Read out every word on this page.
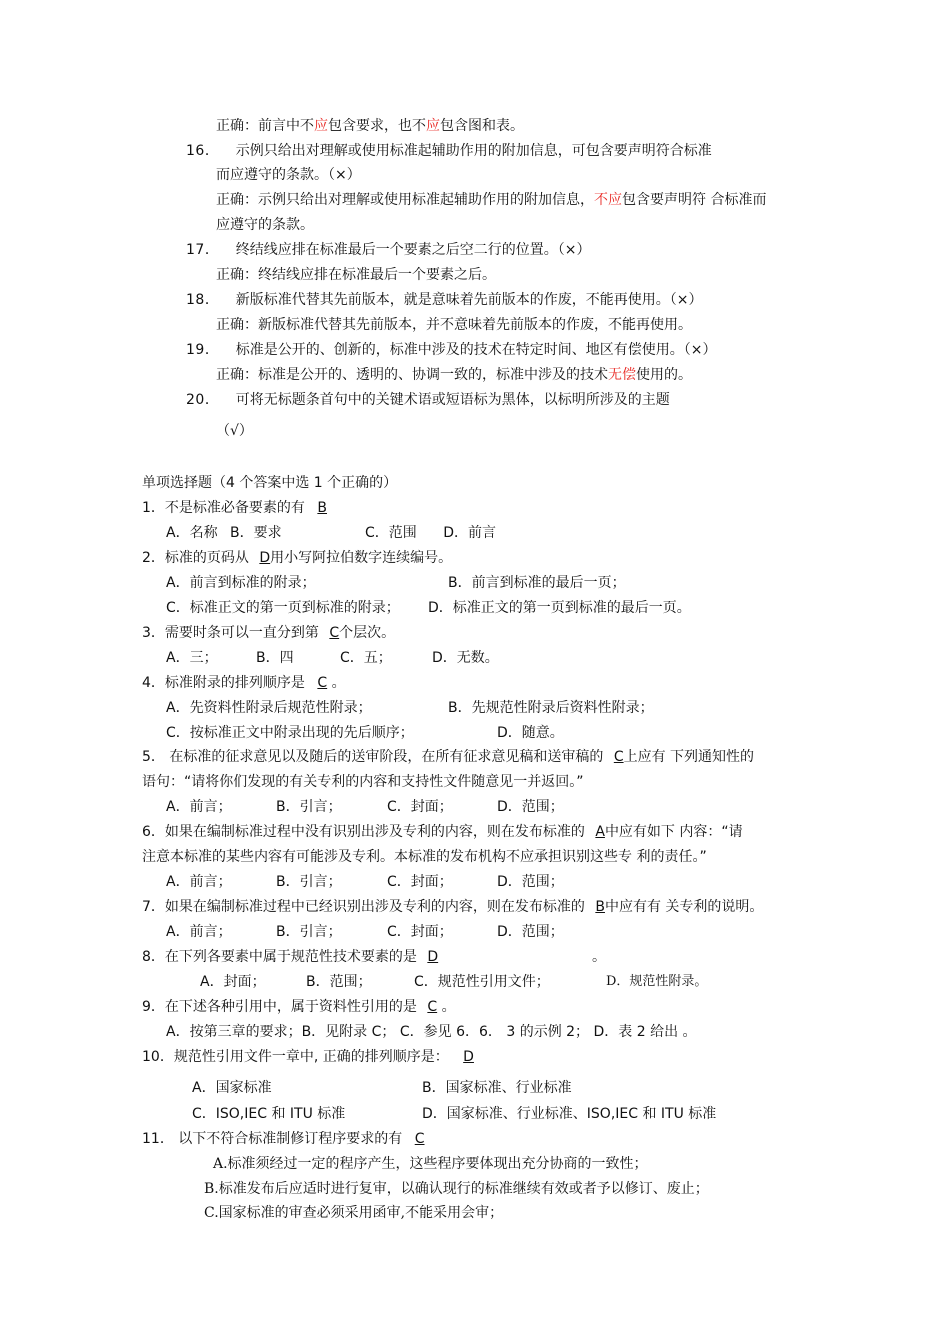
正确：前言中不应包含要求，也不应包含图和表。
16． 示例只给出对理解或使用标准起辅助作用的附加信息，可包含要声明符合标准
而应遵守的条款。（×）
正确：示例只给出对理解或使用标准起辅助作用的附加信息，不应包含要声明符 合标准而
应遵守的条款。
17． 终结线应排在标准最后一个要素之后空二行的位置。（×）
正确：终结线应排在标准最后一个要素之后。
18． 新版标准代替其先前版本，就是意味着先前版本的作废，不能再使用。（×）
正确：新版标准代替其先前版本，并不意味着先前版本的作废，不能再使用。
19． 标准是公开的、创新的，标准中涉及的技术在特定时间、地区有偿使用。（×）
正确：标准是公开的、透明的、协调一致的，标准中涉及的技术无偿使用的。
20． 可将无标题条首句中的关键术语或短语标为黑体，以标明所涉及的主题
（√）
单项选择题（4 个答案中选 1 个正确的）
1．不是标准必备要素的有 B
A．名称 B．要求	C．范围 D．前言
2．标准的页码从 D用小写阿拉伯数字连续编号。
A．前言到标准的附录；	B．前言到标准的最后一页；
C．标准正文的第一页到标准的附录； D．标准正文的第一页到标准的最后一页。
3．需要时条可以一直分到第 C个层次。
A．三；	B．四	C．五；	D．无数。
4．标准附录的排列顺序是 C 。
A．先资料性附录后规范性附录；	B．先规范性附录后资料性附录；
C．按标准正文中附录出现的先后顺序；	D．随意。
5． 在标准的征求意见以及随后的送审阶段，在所有征求意见稿和送审稿的 C上应有 下列通知性的
语句：“请将你们发现的有关专利的内容和支持性文件随意见一并返回。”
A．前言；	B．引言；	C．封面；	D．范围；
6．如果在编制标准过程中没有识别出涉及专利的内容，则在发布标准的 A中应有如下 内容：“请
注意本标准的某些内容有可能涉及专利。本标准的发布机构不应承担识别这些专 利的责任。”
A．前言；	B．引言；	C．封面；	D．范围；
7．如果在编制标准过程中已经识别出涉及专利的内容，则在发布标准的 B中应有有 关专利的说明。
A．前言；	B．引言；	C．封面；	D．范围；
8．在下列各要素中属于规范性技术要素的是 D	。
A．封面；	B．范围；	C．规范性引用文件；	D．规范性附录。
9．在下述各种引用中，属于资料性引用的是 C 。
A．按第三章的要求；B．见附录 C； C．参见 6．6． 3 的示例 2； D．表 2 给出 。
10．规范性引用文件一章中, 正确的排列顺序是： D
A．国家标准	B．国家标准、行业标准
C．ISO,IEC 和 ITU 标准	D．国家标准、行业标准、ISO,IEC 和 ITU 标准
11． 以下不符合标准制修订程序要求的有 C
A.标准须经过一定的程序产生，这些程序要体现出充分协商的一致性；
B.标准发布后应适时进行复审，以确认现行的标准继续有效或者予以修订、废止；
C.国家标准的审查必须采用函审,不能采用会审；
